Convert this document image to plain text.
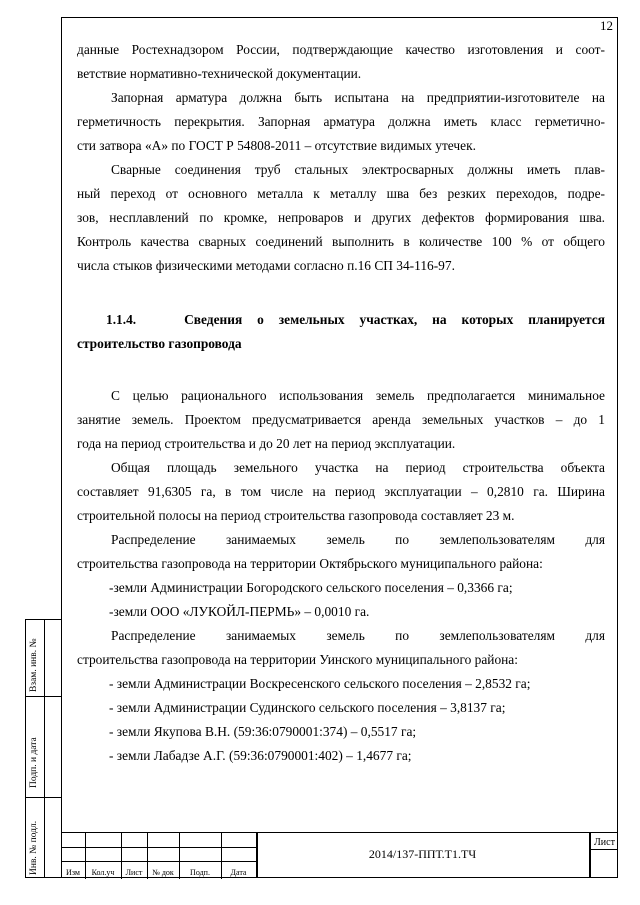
12

данные Ростехнадзором России, подтверждающие качество изготовления и соот-

ветствие нормативно-технической документации.

Запорная арматура должна быть испытана на предприятии-изготовителе на

герметичность перекрытия. Запорная арматура должна иметь класс герметично-

сти затвора «А» по ГОСТ Р 54808-2011 – отсутствие видимых утечек.

Сварные соединения труб стальных электросварных должны иметь плав-

ный переход от основного металла к металлу шва без резких переходов, подре-

зов, несплавлений по кромке, непроваров и других дефектов формирования шва.

Контроль качества сварных соединений выполнить в количестве 100 % от общего

числа стыков физическими методами согласно п.16 СП 34-116-97.

1.1.4.	Сведения о земельных участках, на которых планируется

строительство газопровода

С целью рационального использования земель предполагается минимальное

занятие земель. Проектом предусматривается аренда земельных участков – до 1

года на период строительства и до 20 лет на период эксплуатации.

Общая площадь земельного участка на период строительства объекта

составляет 91,6305 га, в том числе на период эксплуатации – 0,2810 га. Ширина

строительной полосы на период строительства газопровода составляет 23 м.

Распределение занимаемых земель по землепользователям для

строительства газопровода на территории Октябрьского муниципального района:

-земли Администрации Богородского сельского поселения – 0,3366 га;

-земли ООО «ЛУКОЙЛ-ПЕРМЬ» – 0,0010 га.

Распределение занимаемых земель по землепользователям для

строительства газопровода на территории Уинского муниципального района:

- земли Администрации Воскресенского сельского поселения – 2,8532 га;

- земли Администрации Судинского сельского поселения – 3,8137 га;

- земли Якупова В.Н. (59:36:0790001:374) – 0,5517 га;

- земли Лабадзе А.Г. (59:36:0790001:402) – 1,4677 га;

Изм	Кол.уч	Лист	№ док	Подп.	Дата
2014/137-ППТ.Т1.ТЧ
Лист
Взам. инв. №
Подп. и дата
Инв. № подл.
